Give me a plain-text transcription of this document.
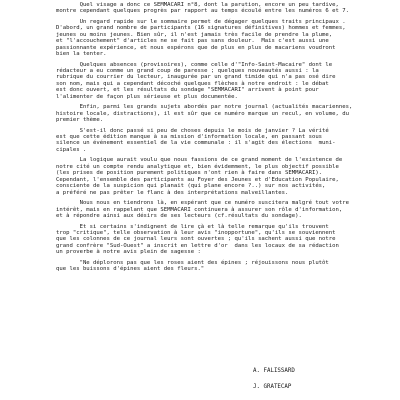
Quel visage a donc ce SEMMACARI n°8, dont la parution, encore un peu tardive,
montre cependant quelques progrès par rapport au temps écoulé entre les numéros 6 et 7.
Un regard rapide sur le sommaire permet de dégager quelques traits principaux .
D'abord, un grand nombre de participants (16 signatures définitives) hommes et femmes,
jeunes ou moins jeunes. Bien sûr, il n'est jamais très facile de prendre la plume,
et "l'accouchement" d'articles ne se fait pas sans douleur.  Mais c'est aussi une
passionnante expérience, et nous espérons que de plus en plus de macariens voudront
bien la tenter.
Quelques absences (provisoires), comme celle d'"Info-Saint-Macaire" dont le
rédacteur a eu comme un grand coup de paresse ; quelques nouveautés aussi : la
rubrique du courrier du lecteur, inaugurée par un grand timide qui n'a pas osé dire
son nom, mais qui a cependant décoché quelques flèches à notre endroit : le débat
est donc ouvert, et les résultats du sondage "SEMMACARI" arrivent à point pour
l'alimenter de façon plus sérieuse et plus documentée.
Enfin, parmi les grands sujets abordés par notre journal (actualités macariennes,
histoire locale, distractions), il est sûr que ce numéro marque un recul, en volume, du
premier thème.
S'est-il donc passé si peu de choses depuis le mois de janvier ? La vérité
est que cette édition manque à sa mission d'information locale, en passant sous
silence un événement essentiel de la vie communale : il s'agit des élections  muni-
cipales .
La logique aurait voulu que nous fassions de ce grand moment de l'existence de
notre cité un compte rendu analytique et, bien évidemment, le plus objectif possible
(les prises de position purement politiques n'ont rien à faire dans SEMMACARI).
Cependant, l'ensemble des participants au Foyer des Jeunes et d'Education Populaire,
consciente de la suspicion qui planait (qui plane encore ?..) sur nos activités,
a préféré ne pas prêter le flanc à des interprétations malveillantes.
Nous nous en tiendrons là, en espérant que ce numéro suscitera malgré tout votre
intérêt, mais en rappelant que SEMMACARI continuera à assurer son rôle d'information,
et à répondre ainsi aux désirs de ses lecteurs (cf.résultats du sondage).
Et si certains s'indignent de lire çà et là telle remarque qu'ils trouvent
trop "critique", telle observation à leur avis "inopportune", qu'ils se souviennent
que les colonnes de ce journal leurs sont ouvertes ; qu'ils sachent aussi que notre
grand confrère "Sud-Ouest" a inscrit en lettre d'or  dans les locaux de sa rédaction
un proverbe à notre avis plein de sagesse :
"Ne déplorons pas que les roses aient des épines ; réjouissons nous plutôt
que les buissons d'épines aient des fleurs."
A. FALISSARD
J. GRATECAP
